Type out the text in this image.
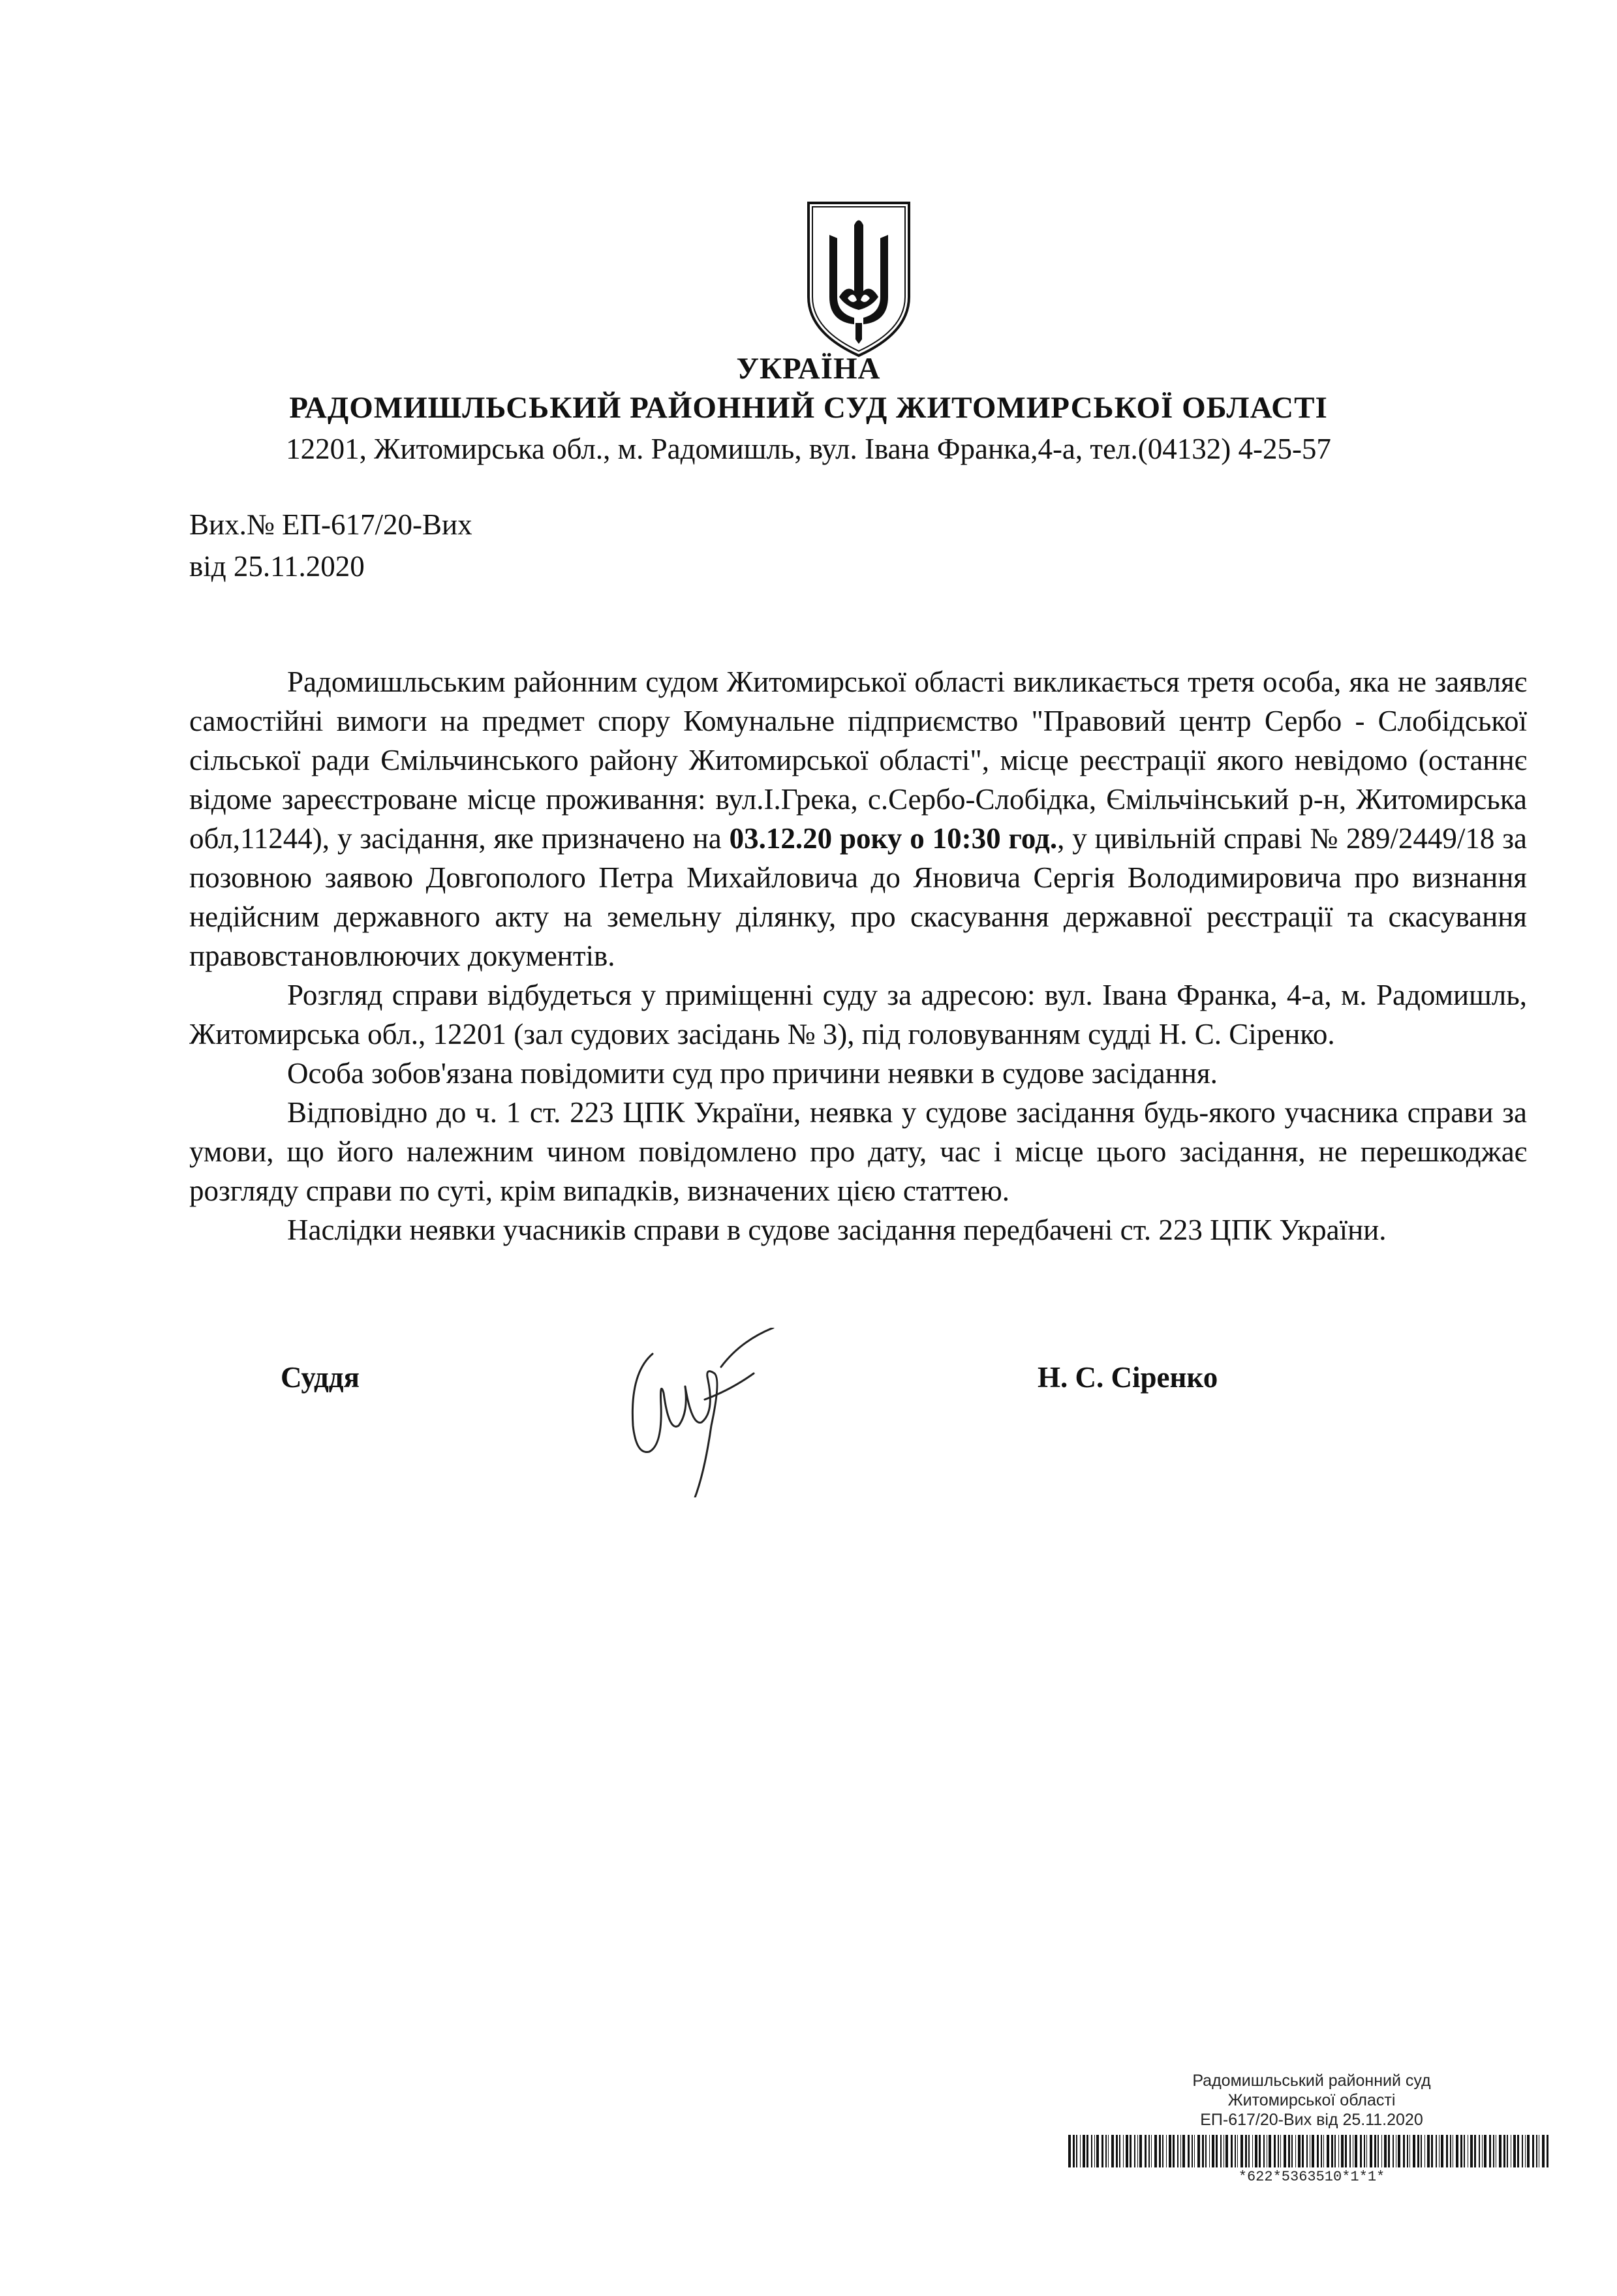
УКРАЇНА
РАДОМИШЛЬСЬКИЙ РАЙОННИЙ СУД ЖИТОМИРСЬКОЇ ОБЛАСТІ
12201, Житомирська обл., м. Радомишль, вул. Івана Франка,4-а, тел.(04132) 4-25-57
Вих.№ ЕП-617/20-Вих
від 25.11.2020

Радомишльським районним судом Житомирської області викликається третя особа, яка не заявляє самостійні вимоги на предмет спору Комунальне підприємство "Правовий центр Сербо - Слобідської сільської ради Ємільчинського району Житомирської області", місце реєстрації якого невідомо (останнє відоме зареєстроване місце проживання: вул.І.Грека, с.Сербо-Слобідка, Ємільчінський р-н, Житомирська обл,11244), у засідання, яке призначено на 03.12.20 року о 10:30 год., у цивільній справі № 289/2449/18 за позовною заявою Довгополого Петра Михайловича до Яновича Сергія Володимировича про визнання недійсним державного акту на земельну ділянку, про скасування державної реєстрації та скасування правовстановлюючих документів.

Розгляд справи відбудеться у приміщенні суду за адресою: вул. Івана Франка, 4-а, м. Радомишль, Житомирська обл., 12201 (зал судових засідань № 3), під головуванням судді Н. С. Сіренко.

Особа зобов'язана повідомити суд про причини неявки в судове засідання.

Відповідно до ч. 1 ст. 223 ЦПК України, неявка у судове засідання будь-якого учасника справи за умови, що його належним чином повідомлено про дату, час і місце цього засідання, не перешкоджає розгляду справи по суті, крім випадків, визначених цією статтею.

Наслідки неявки учасників справи в судове засідання передбачені ст. 223 ЦПК України.

Суддя	Н. С. Сіренко
Радомишльський районний суд
Житомирської області
ЕП-617/20-Вих від 25.11.2020
*622*5363510*1*1*
